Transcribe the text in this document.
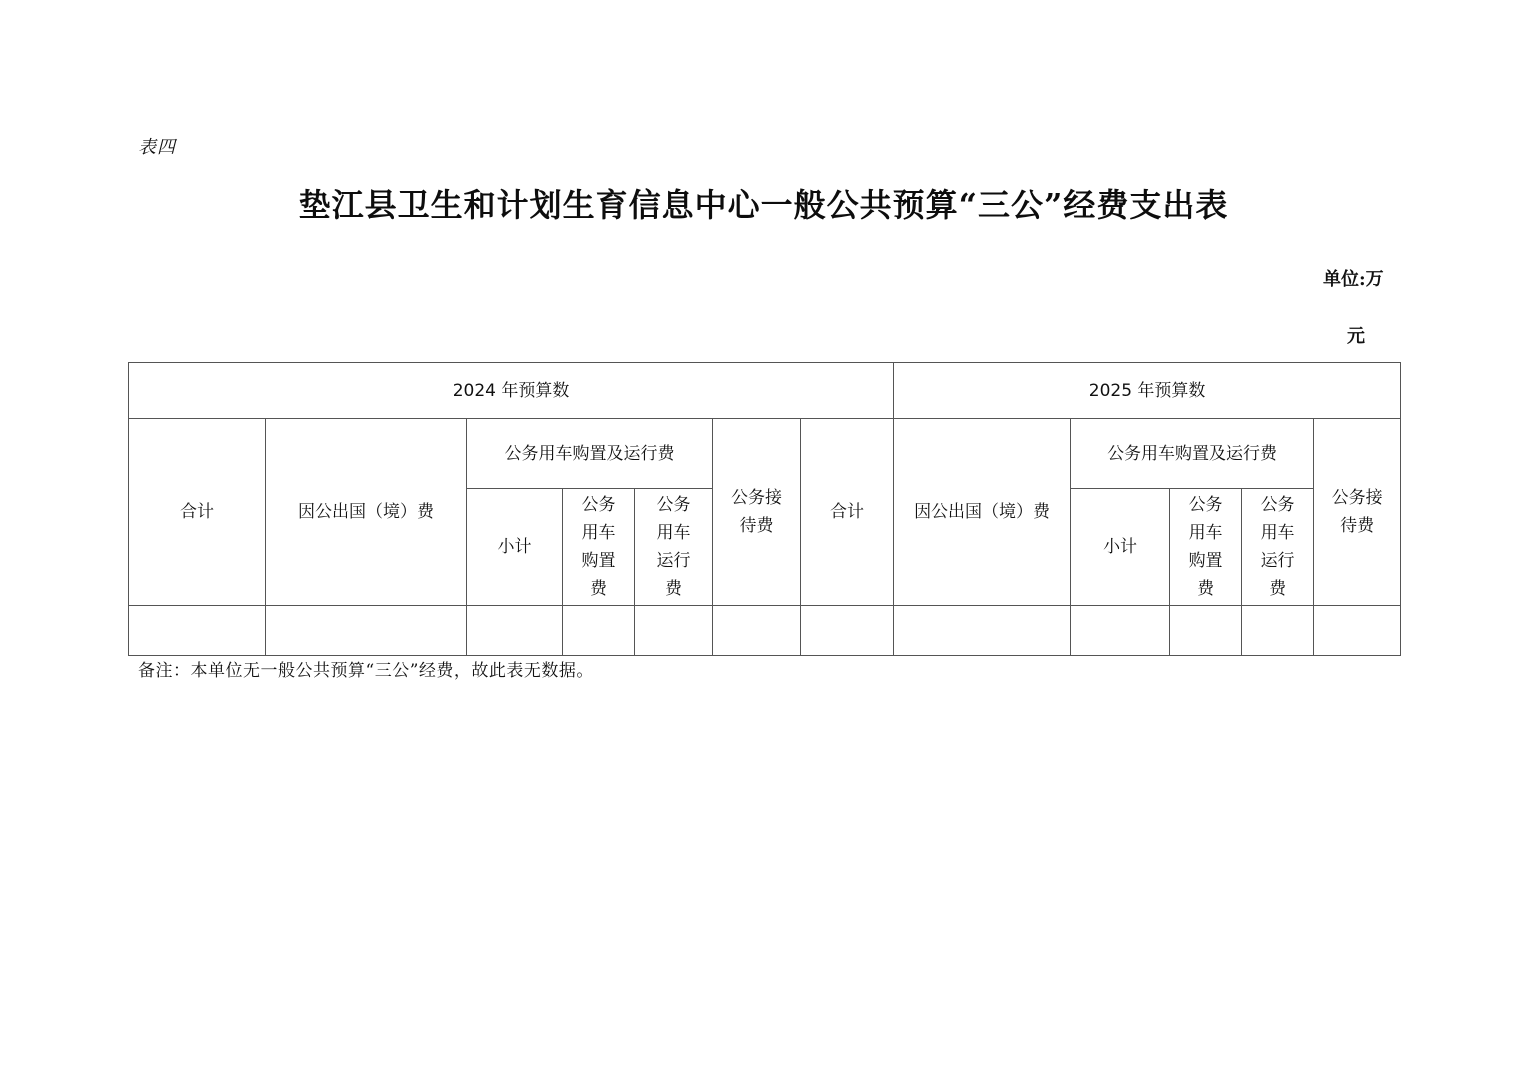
表四
垫江县卫生和计划生育信息中心一般公共预算“三公”经费支出表
单位:万
元
2024 年预算数							2025 年预算数				
合计	因公出国（境）费	公务用车购置及运行费			公务接待费	合计	因公出国（境）费	公务用车购置及运行费			公务接待费
		小计	公务用车购置费	公务用车运行费				小计	公务用车购置费	公务用车运行费	

备注：本单位无一般公共预算“三公”经费，故此表无数据。
